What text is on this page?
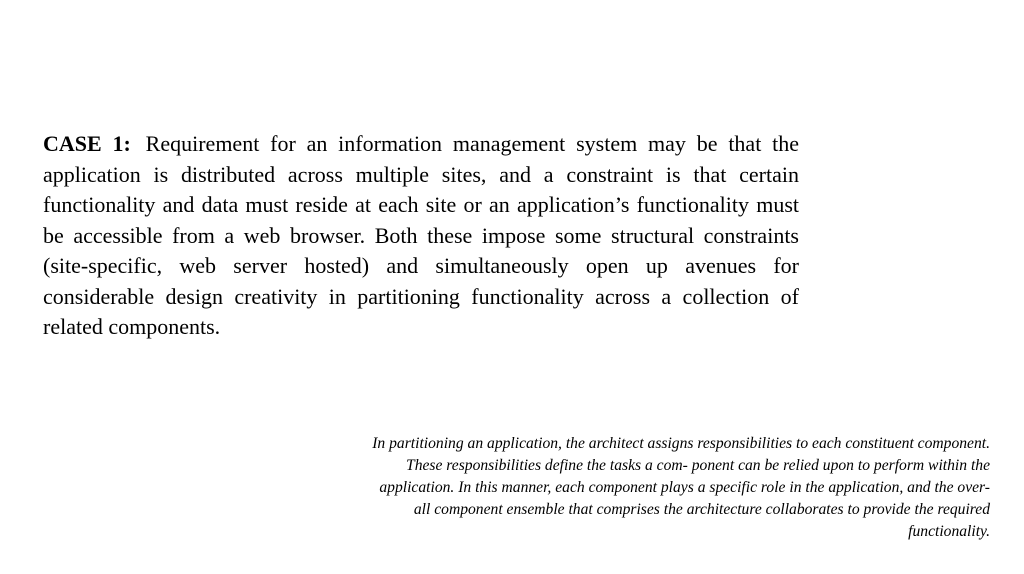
CASE 1: Requirement for an information management system may be that the application is distributed across multiple sites, and a constraint is that certain functionality and data must reside at each site or an application’s functionality must be accessible from a web browser. Both these impose some structural constraints (site-specific, web server hosted) and simultaneously open up avenues for considerable design creativity in partitioning functionality across a collection of related components.
In partitioning an application, the architect assigns responsibilities to each constituent component.
These responsibilities define the tasks a com- ponent can be relied upon to perform within the
application. In this manner, each component plays a specific role in the application, and the over-
all component ensemble that comprises the architecture collaborates to provide the required
functionality.
